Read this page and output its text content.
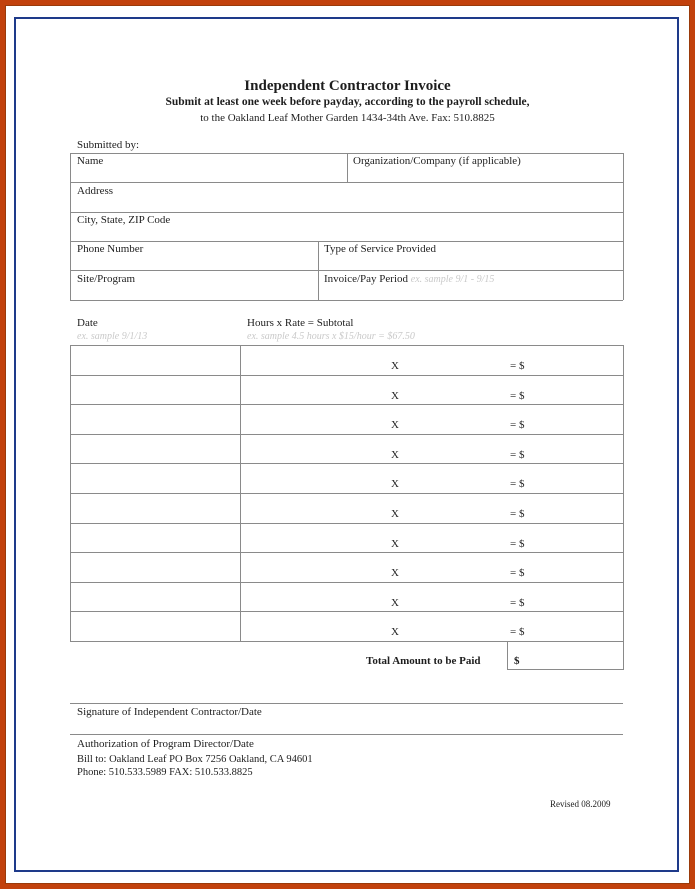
Independent Contractor Invoice
Submit at least one week before payday, according to the payroll schedule,
to the Oakland Leaf Mother Garden 1434-34th Ave. Fax: 510.8825
Submitted by:
Name	Organization/Company (if applicable)
Address
City, State, ZIP Code
Phone Number	Type of Service Provided
Site/Program	Invoice/Pay Period ex. sample 9/1 - 9/15
Date
ex. sample 9/1/13
Hours x Rate = Subtotal
ex. sample 4.5 hours x $15/hour = $67.50
X	= $
X	= $
X	= $
X	= $
X	= $
X	= $
X	= $
X	= $
X	= $
X	= $
Total Amount to be Paid	$
Signature of Independent Contractor/Date
Authorization of Program Director/Date
Bill to: Oakland Leaf PO Box 7256 Oakland, CA 94601
Phone: 510.533.5989 FAX: 510.533.8825
Revised 08.2009
